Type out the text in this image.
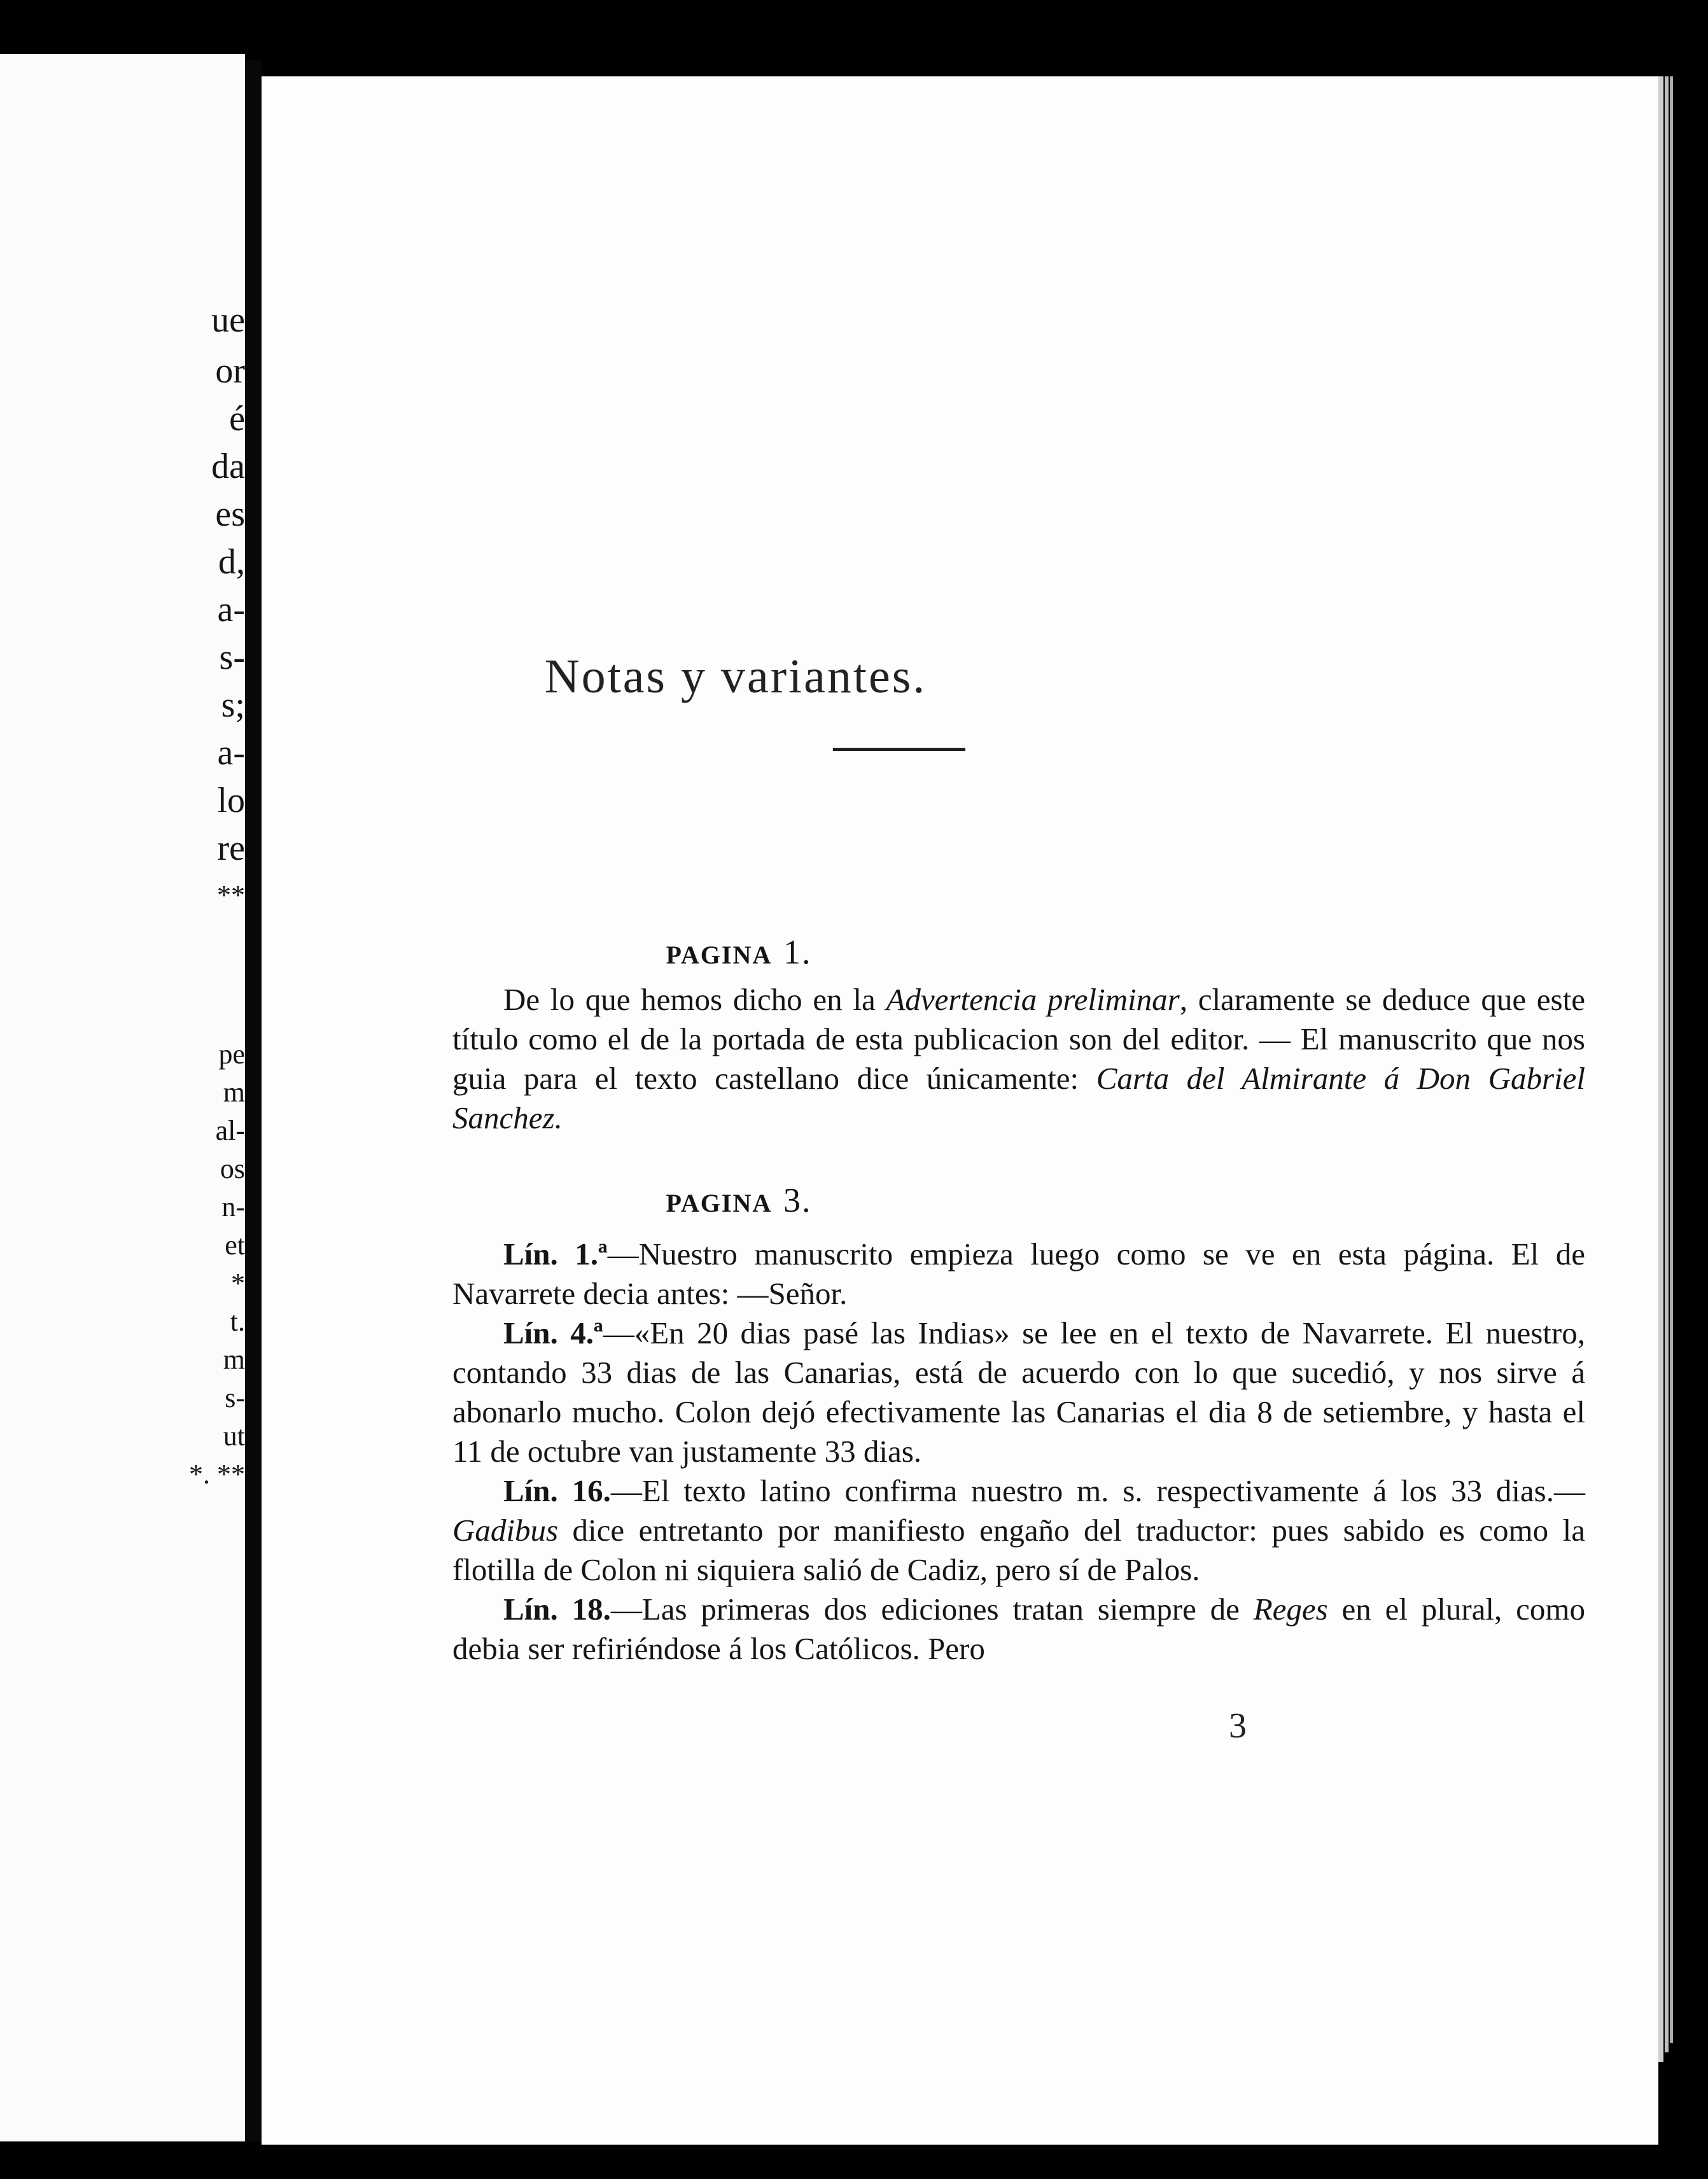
ue

or

é

da

es

d,

a-

s-

s;

a-

lo

re

**

pe

m

al-

os

n-

et

*

t.

m

s-

ut

*. **

Notas y variantes.
PAGINA 1.

De lo que hemos dicho en la Advertencia preliminar, claramente se deduce que este título como el de la portada de esta publicacion son del editor. — El manuscrito que nos guia para el texto castellano dice únicamente: Carta del Almirante á Don Gabriel Sanchez.

PAGINA 3.

Lín. 1.ª—Nuestro manuscrito empieza luego como se ve en esta página. El de Navarrete decia antes: —Señor.

Lín. 4.ª—«En 20 dias pasé las Indias» se lee en el texto de Navarrete. El nuestro, contando 33 dias de las Canarias, está de acuerdo con lo que sucedió, y nos sirve á abonarlo mucho. Colon dejó efectivamente las Canarias el dia 8 de setiembre, y hasta el 11 de octubre van justamente 33 dias.

Lín. 16.—El texto latino confirma nuestro m. s. respectivamente á los 33 dias.—Gadibus dice entretanto por manifiesto engaño del traductor: pues sabido es como la flotilla de Colon ni siquiera salió de Cadiz, pero sí de Palos.

Lín. 18.—Las primeras dos ediciones tratan siempre de Reges en el plural, como debia ser refiriéndose á los Católicos. Pero

3
